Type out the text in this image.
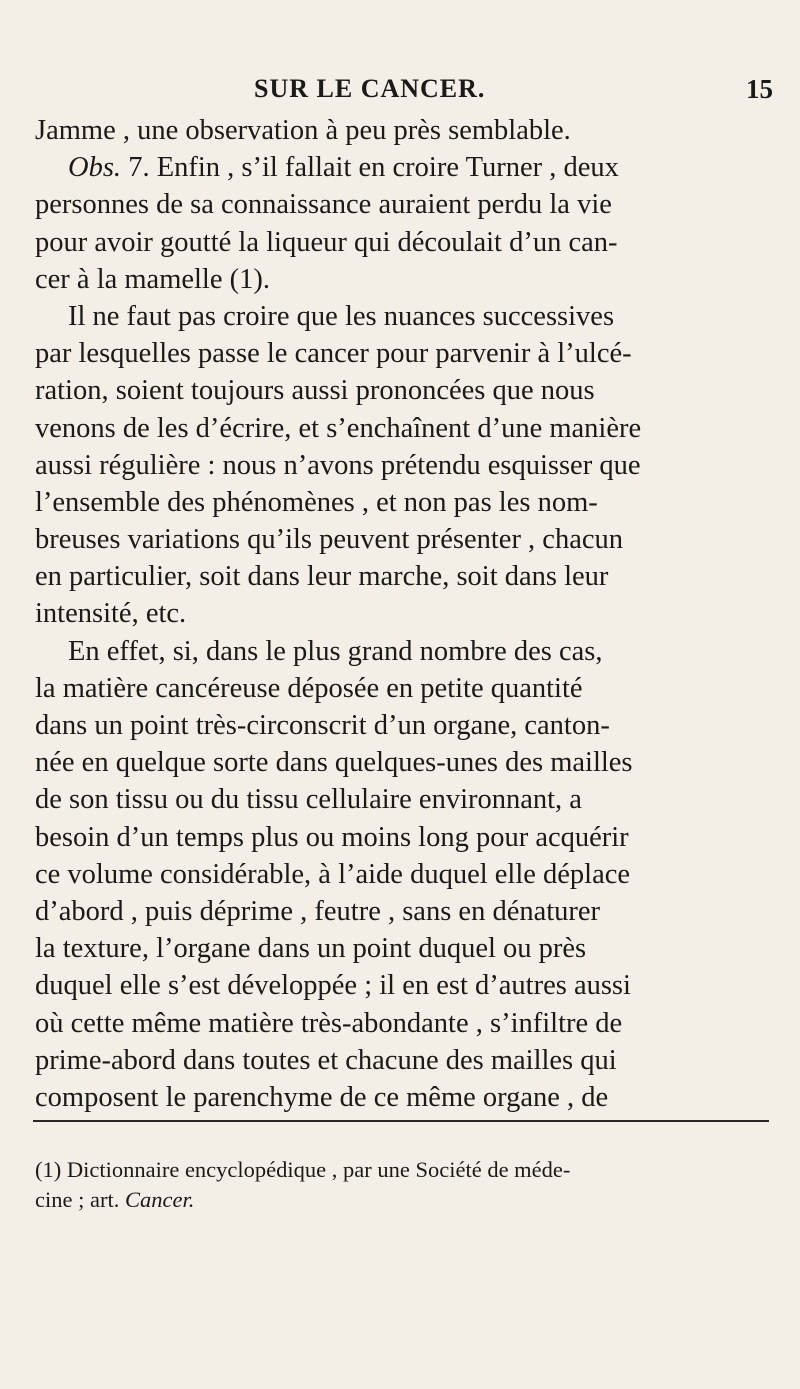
SUR LE CANCER.	15
Jamme , une observation à peu près semblable.
Obs. 7. Enfin , s’il fallait en croire Turner , deux
personnes de sa connaissance auraient perdu la vie
pour avoir goutté la liqueur qui découlait d’un can-
cer à la mamelle (1).
Il ne faut pas croire que les nuances successives
par lesquelles passe le cancer pour parvenir à l’ulcé-
ration, soient toujours aussi prononcées que nous
venons de les d’écrire, et s’enchaînent d’une manière
aussi régulière : nous n’avons prétendu esquisser que
l’ensemble des phénomènes , et non pas les nom-
breuses variations qu’ils peuvent présenter , chacun
en particulier, soit dans leur marche, soit dans leur
intensité, etc.
En effet, si, dans le plus grand nombre des cas,
la matière cancéreuse déposée en petite quantité
dans un point très-circonscrit d’un organe, canton-
née en quelque sorte dans quelques-unes des mailles
de son tissu ou du tissu cellulaire environnant, a
besoin d’un temps plus ou moins long pour acquérir
ce volume considérable, à l’aide duquel elle déplace
d’abord , puis déprime , feutre , sans en dénaturer
la texture, l’organe dans un point duquel ou près
duquel elle s’est développée ; il en est d’autres aussi
où cette même matière très-abondante , s’infiltre de
prime-abord dans toutes et chacune des mailles qui
composent le parenchyme de ce même organe , de
(1) Dictionnaire encyclopédique , par une Société de méde-
cine ; art. Cancer.
